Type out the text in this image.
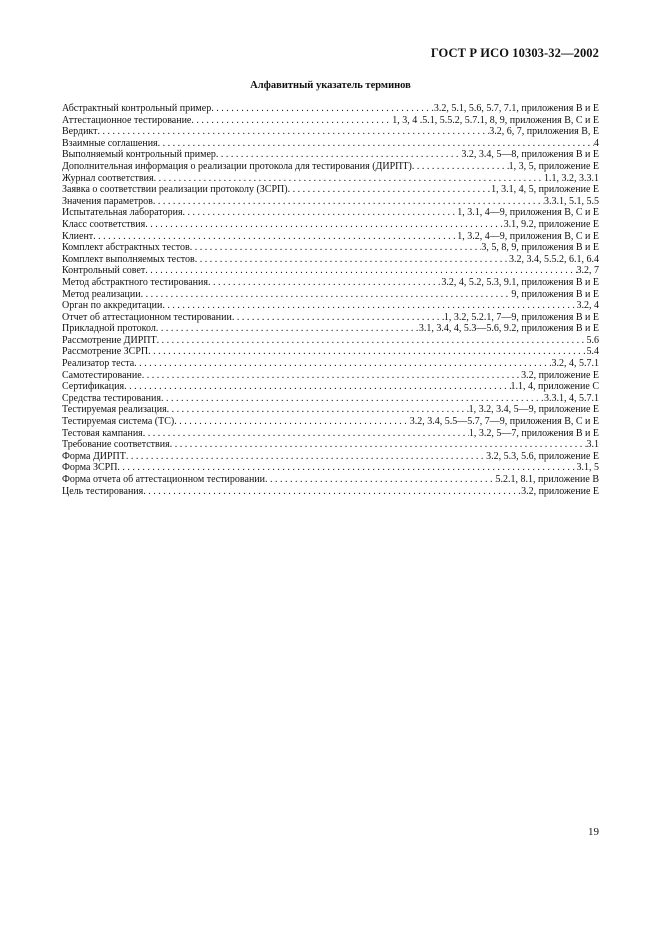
ГОСТ Р ИСО 10303-32—2002
Алфавитный указатель терминов
Абстрактный контрольный пример . . .	3.2, 5.1, 5.6, 5.7, 7.1, приложения В и Е
Аттестационное тестирование . . .	1, 3, 4 .5.1, 5.5.2, 5.7.1, 8, 9, приложения В, С и Е
Вердикт . . .	3.2, 6, 7, приложения В, Е
Взаимные соглашения . . .	4
Выполняемый контрольный пример . . .	3.2, 3.4, 5—8, приложения В и Е
Дополнительная информация о реализации протокола для тестирования (ДИРПТ) . . .	1, 3, 5, приложение Е
Журнал соответствия . . .	1.1, 3.2, 3.3.1
Заявка о соответствии реализации протоколу (ЗСРП) . . .	1, 3.1, 4, 5, приложение Е
Значения параметров . . .	3.3.1, 5.1, 5.5
Испытательная лаборатория . . .	1, 3.1, 4—9, приложения В, С и Е
Класс соответствия . . .	3.1, 9.2, приложение Е
Клиент . . .	1, 3.2, 4—9, приложения В, С и Е
Комплект абстрактных тестов . . .	3, 5, 8, 9, приложения В и Е
Комплект выполняемых тестов . . .	3.2, 3.4, 5.5.2, 6.1, 6.4
Контрольный совет . . .	3.2, 7
Метод абстрактного тестирования . . .	3.2, 4, 5.2, 5.3, 9.1, приложения В и Е
Метод реализации . . .	9, приложения В и Е
Орган по аккредитации . . .	3.2, 4
Отчет об аттестационном тестировании . . .	1, 3.2, 5.2.1, 7—9, приложения В и Е
Прикладной протокол . . .	3.1, 3.4, 4, 5.3—5.6, 9.2, приложения В и Е
Рассмотрение ДИРПТ . . .	5.6
Рассмотрение ЗСРП . . .	5.4
Реализатор теста . . .	3.2, 4, 5.7.1
Самотестирование . . .	3.2, приложение Е
Сертификация . . .	1.1, 4, приложение С
Средства тестирования . . .	3.3.1, 4, 5.7.1
Тестируемая реализация . . .	1, 3.2, 3.4, 5—9, приложение Е
Тестируемая система (ТС) . . .	3.2, 3.4, 5.5—5.7, 7—9, приложения В, С и Е
Тестовая кампания . . .	1, 3.2, 5—7, приложения В и Е
Требование соответствия . . .	3.1
Форма ДИРПТ . . .	3.2, 5.3, 5.6, приложение Е
Форма ЗСРП . . .	3.1, 5
Форма отчета об аттестационном тестировании . . .	5.2.1, 8.1, приложение В
Цель тестирования . . .	3.2, приложение Е
19
